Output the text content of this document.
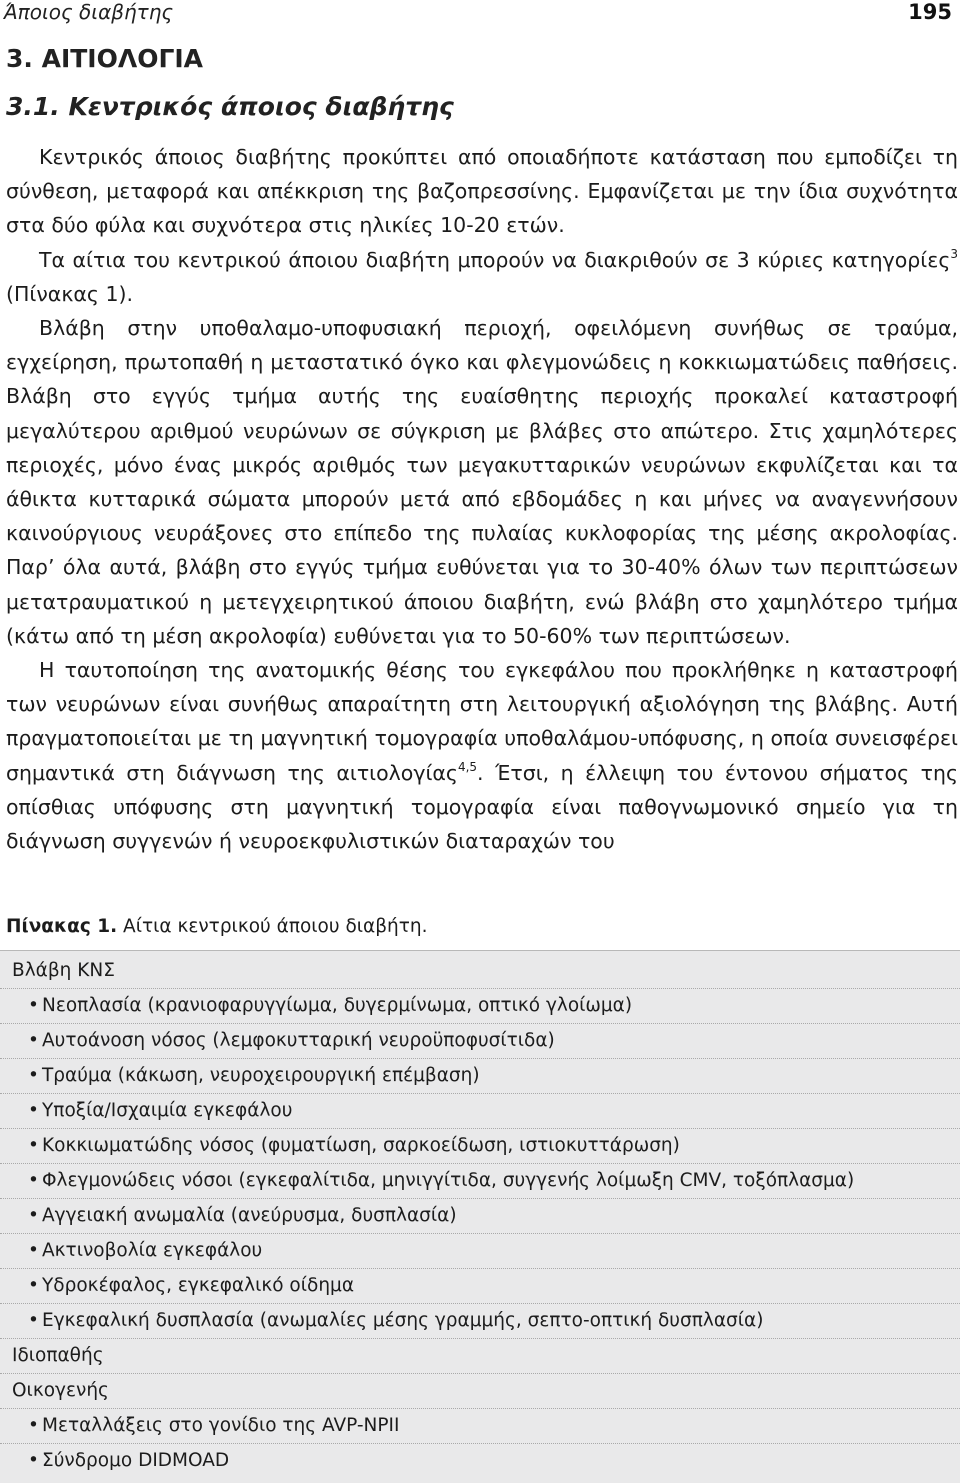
Άποιος διαβήτης	195
3. ΑΙΤΙΟΛΟΓΙΑ
3.1. Κεντρικός άποιος διαβήτης

Κεντρικός άποιος διαβήτης προκύπτει από οποιαδήποτε κατάσταση που εμποδίζει τη σύνθεση, μεταφορά και απέκκριση της βαζοπρεσσίνης. Εμφανίζεται με την ίδια συχνότητα στα δύο φύλα και συχνότερα στις ηλικίες 10-20 ετών.

Τα αίτια του κεντρικού άποιου διαβήτη μπορούν να διακριθούν σε 3 κύριες κατηγορίες$^3$ (Πίνακας 1).

Βλάβη στην υποθαλαμο-υποφυσιακή περιοχή, οφειλόμενη συνήθως σε τραύμα, εγχείρηση, πρωτοπαθή η μεταστατικό όγκο και φλεγμονώδεις η κοκκιωματώδεις παθήσεις. Βλάβη στο εγγύς τμήμα αυτής της ευαίσθητης περιοχής προκαλεί καταστροφή μεγαλύτερου αριθμού νευρώνων σε σύγκριση με βλάβες στο απώτερο. Στις χαμηλότερες περιοχές, μόνο ένας μικρός αριθμός των μεγακυτταρικών νευρώνων εκφυλίζεται και τα άθικτα κυτταρικά σώματα μπορούν μετά από εβδομάδες η και μήνες να αναγεννήσουν καινούργιους νευράξονες στο επίπεδο της πυλαίας κυκλοφορίας της μέσης ακρολοφίας. Παρ’ όλα αυτά, βλάβη στο εγγύς τμήμα ευθύνεται για το 30-40% όλων των περιπτώσεων μετατραυματικού η μετεγχειρητικού άποιου διαβήτη, ενώ βλάβη στο χαμηλότερο τμήμα (κάτω από τη μέση ακρολοφία) ευθύνεται για το 50-60% των περιπτώσεων.

Η ταυτοποίηση της ανατομικής θέσης του εγκεφάλου που προκλήθηκε η καταστροφή των νευρώνων είναι συνήθως απαραίτητη στη λειτουργική αξιολόγηση της βλάβης. Αυτή πραγματοποιείται με τη μαγνητική τομογραφία υποθαλάμου-υπόφυσης, η οποία συνεισφέρει σημαντικά στη διάγνωση της αιτιολογίας$^{4,5}$. Έτσι, η έλλειψη του έντονου σήματος της οπίσθιας υπόφυσης στη μαγνητική τομογραφία είναι παθογνωμονικό σημείο για τη διάγνωση συγγενών ή νευροεκφυλιστικών διαταραχών του

Πίνακας 1. Αίτια κεντρικού άποιου διαβήτη.
Βλάβη ΚΝΣ
• Νεοπλασία (κρανιοφαρυγγίωμα, δυγερμίνωμα, οπτικό γλοίωμα)
• Αυτοάνοση νόσος (λεμφοκυτταρική νευροϋποφυσίτιδα)
• Τραύμα (κάκωση, νευροχειρουργική επέμβαση)
• Υποξία/Ισχαιμία εγκεφάλου
• Κοκκιωματώδης νόσος (φυματίωση, σαρκοείδωση, ιστιοκυττάρωση)
• Φλεγμονώδεις νόσοι (εγκεφαλίτιδα, μηνιγγίτιδα, συγγενής λοίμωξη CMV, τοξόπλασμα)
• Αγγειακή ανωμαλία (ανεύρυσμα, δυσπλασία)
• Ακτινοβολία εγκεφάλου
• Υδροκέφαλος, εγκεφαλικό οίδημα
• Εγκεφαλική δυσπλασία (ανωμαλίες μέσης γραμμής, σεπτο-οπτική δυσπλασία)
Ιδιοπαθής
Οικογενής
• Μεταλλάξεις στο γονίδιο της AVP-NPII
• Σύνδρομο DIDMOAD
